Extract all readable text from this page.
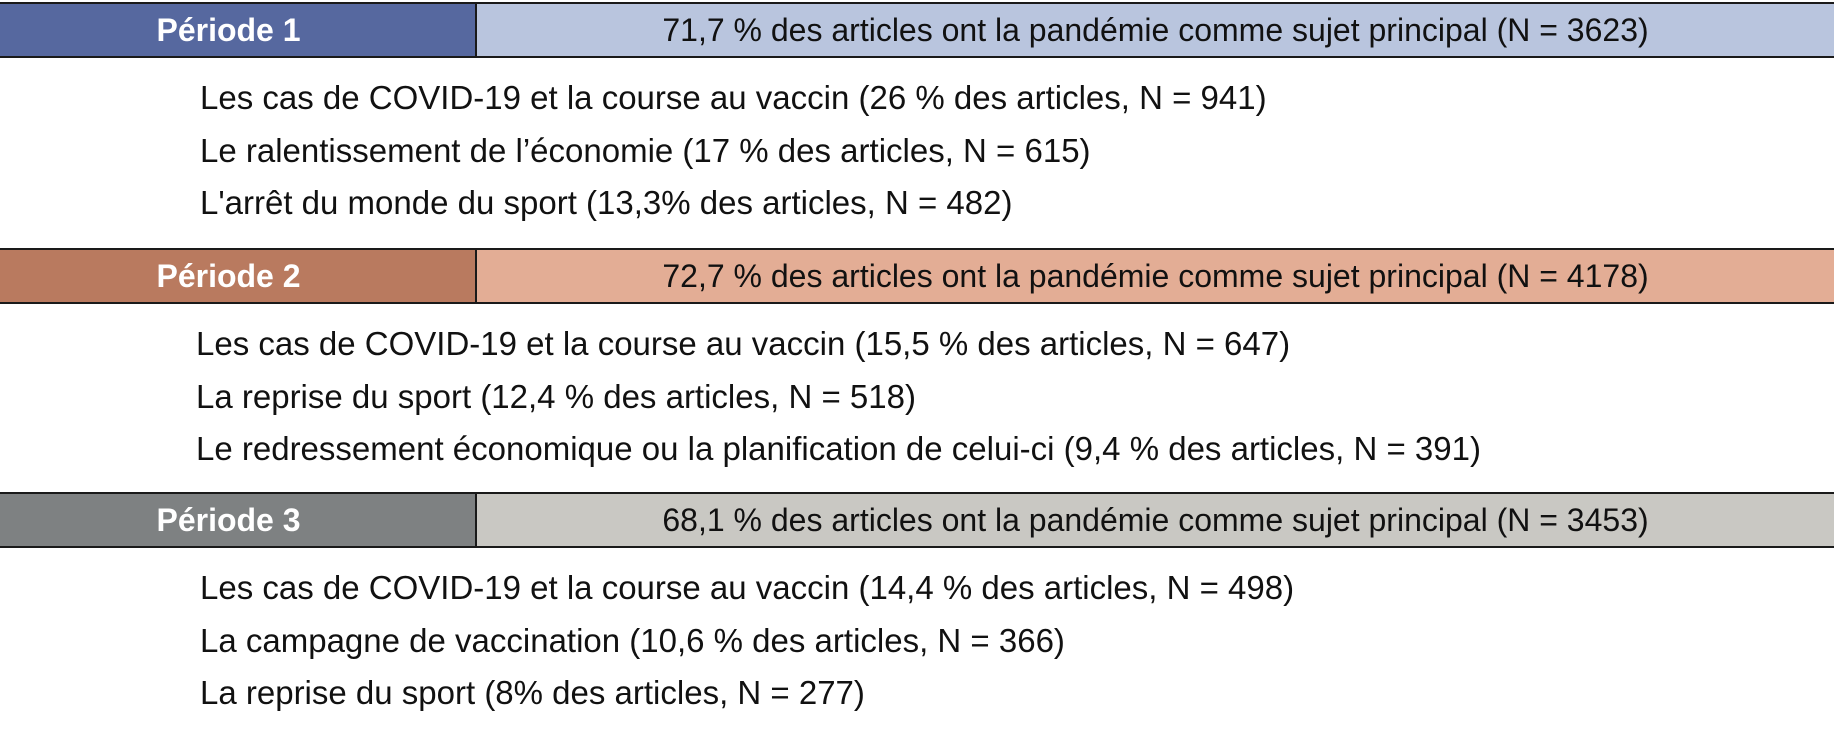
Période 1	71,7 % des articles ont la pandémie comme sujet principal (N = 3623)
Les cas de COVID-19 et la course au vaccin (26 % des articles, N = 941)
Le ralentissement de l’économie (17 % des articles, N = 615)
L'arrêt du monde du sport (13,3% des articles, N = 482)
Période 2	72,7 % des articles ont la pandémie comme sujet principal (N = 4178)
Les cas de COVID-19 et la course au vaccin (15,5 % des articles, N = 647)
La reprise du sport (12,4 % des articles, N = 518)
Le redressement économique ou la planification de celui-ci (9,4 % des articles, N = 391)
Période 3	68,1 % des articles ont la pandémie comme sujet principal (N = 3453)
Les cas de COVID-19 et la course au vaccin (14,4 % des articles, N = 498)
La campagne de vaccination (10,6 % des articles, N = 366)
La reprise du sport (8% des articles, N = 277)
